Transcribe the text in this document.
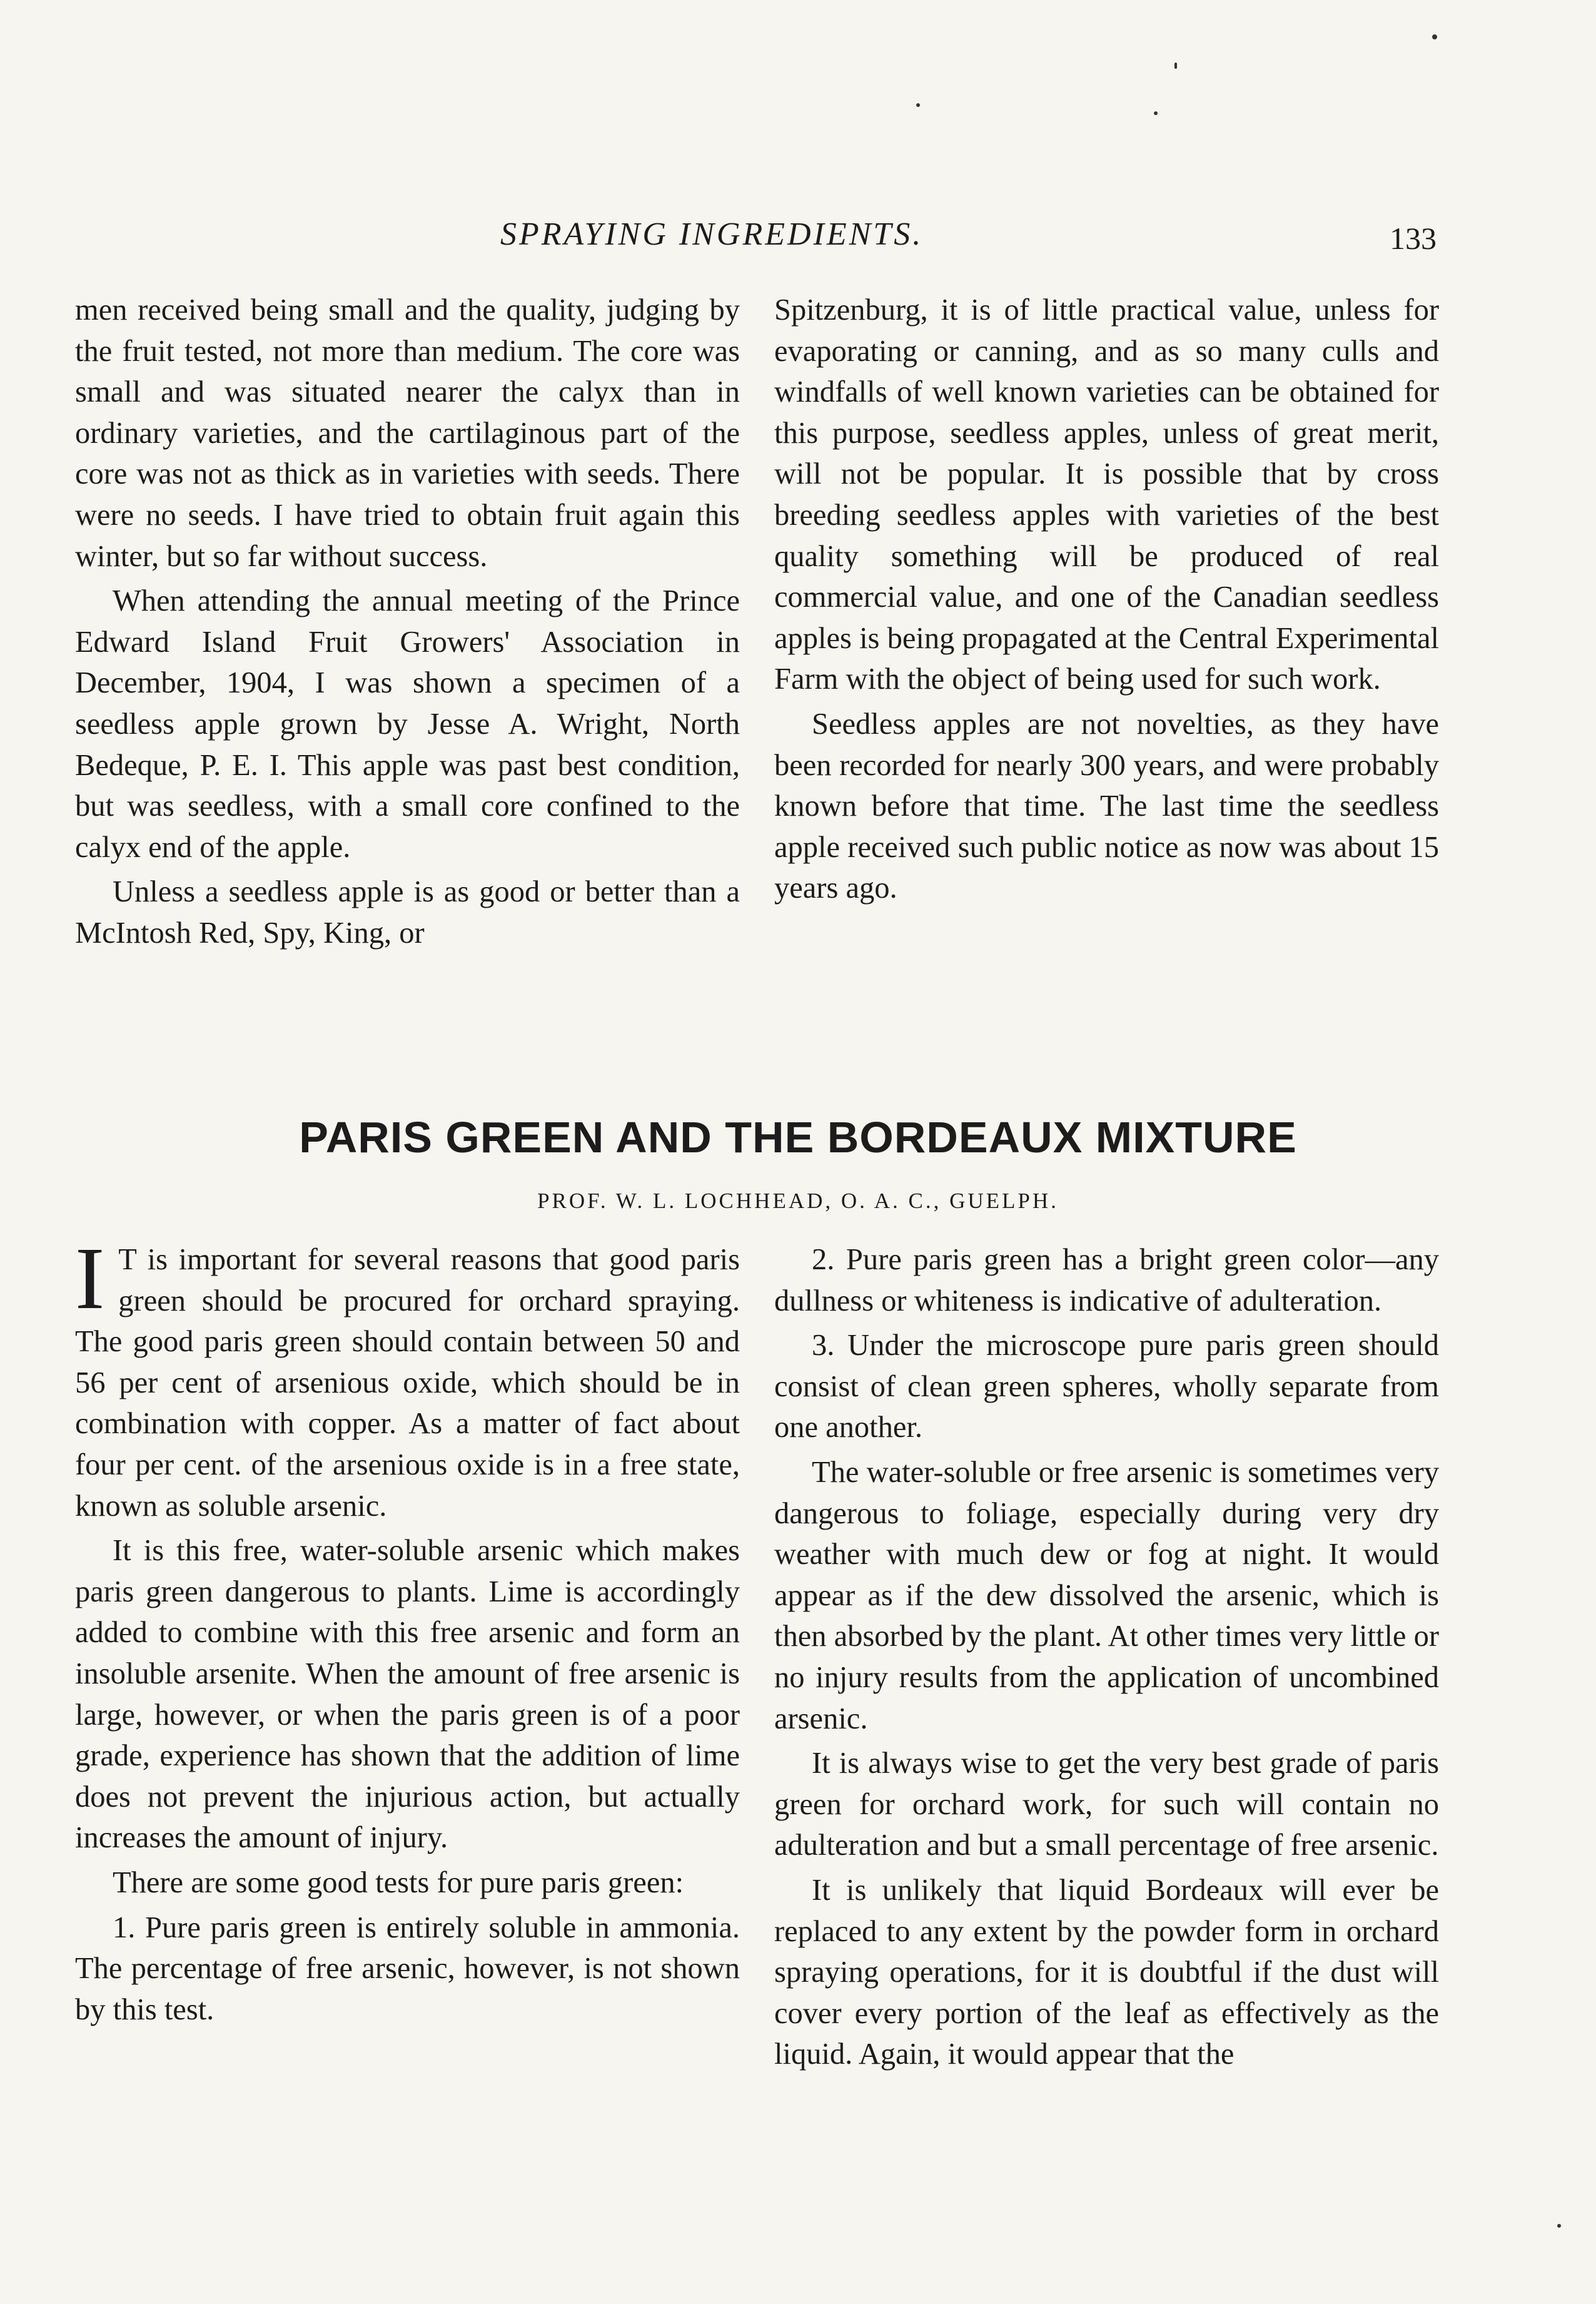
SPRAYING INGREDIENTS.	133

men received being small and the quality, judging by the fruit tested, not more than medium. The core was small and was situated nearer the calyx than in ordinary varieties, and the cartilaginous part of the core was not as thick as in varieties with seeds. There were no seeds. I have tried to obtain fruit again this winter, but so far without success.

When attending the annual meeting of the Prince Edward Island Fruit Growers' Association in December, 1904, I was shown a specimen of a seedless apple grown by Jesse A. Wright, North Bedeque, P. E. I. This apple was past best condition, but was seedless, with a small core confined to the calyx end of the apple.

Unless a seedless apple is as good or better than a McIntosh Red, Spy, King, or

Spitzenburg, it is of little practical value, unless for evaporating or canning, and as so many culls and windfalls of well known varieties can be obtained for this purpose, seedless apples, unless of great merit, will not be popular. It is possible that by cross breeding seedless apples with varieties of the best quality something will be produced of real commercial value, and one of the Canadian seedless apples is being propagated at the Central Experimental Farm with the object of being used for such work.

Seedless apples are not novelties, as they have been recorded for nearly 300 years, and were probably known before that time. The last time the seedless apple received such public notice as now was about 15 years ago.

PARIS GREEN AND THE BORDEAUX MIXTURE
PROF. W. L. LOCHHEAD, O. A. C., GUELPH.

I T is important for several reasons that good paris green should be procured for orchard spraying. The good paris green should contain between 50 and 56 per cent of arsenious oxide, which should be in combination with copper. As a matter of fact about four per cent. of the arsenious oxide is in a free state, known as soluble arsenic.

It is this free, water-soluble arsenic which makes paris green dangerous to plants. Lime is accordingly added to combine with this free arsenic and form an insoluble arsenite. When the amount of free arsenic is large, however, or when the paris green is of a poor grade, experience has shown that the addition of lime does not prevent the injurious action, but actually increases the amount of injury.

There are some good tests for pure paris green:

1. Pure paris green is entirely soluble in ammonia. The percentage of free arsenic, however, is not shown by this test.

2. Pure paris green has a bright green color—any dullness or whiteness is indicative of adulteration.

3. Under the microscope pure paris green should consist of clean green spheres, wholly separate from one another.

The water-soluble or free arsenic is sometimes very dangerous to foliage, especially during very dry weather with much dew or fog at night. It would appear as if the dew dissolved the arsenic, which is then absorbed by the plant. At other times very little or no injury results from the application of uncombined arsenic.

It is always wise to get the very best grade of paris green for orchard work, for such will contain no adulteration and but a small percentage of free arsenic.

It is unlikely that liquid Bordeaux will ever be replaced to any extent by the powder form in orchard spraying operations, for it is doubtful if the dust will cover every portion of the leaf as effectively as the liquid. Again, it would appear that the
